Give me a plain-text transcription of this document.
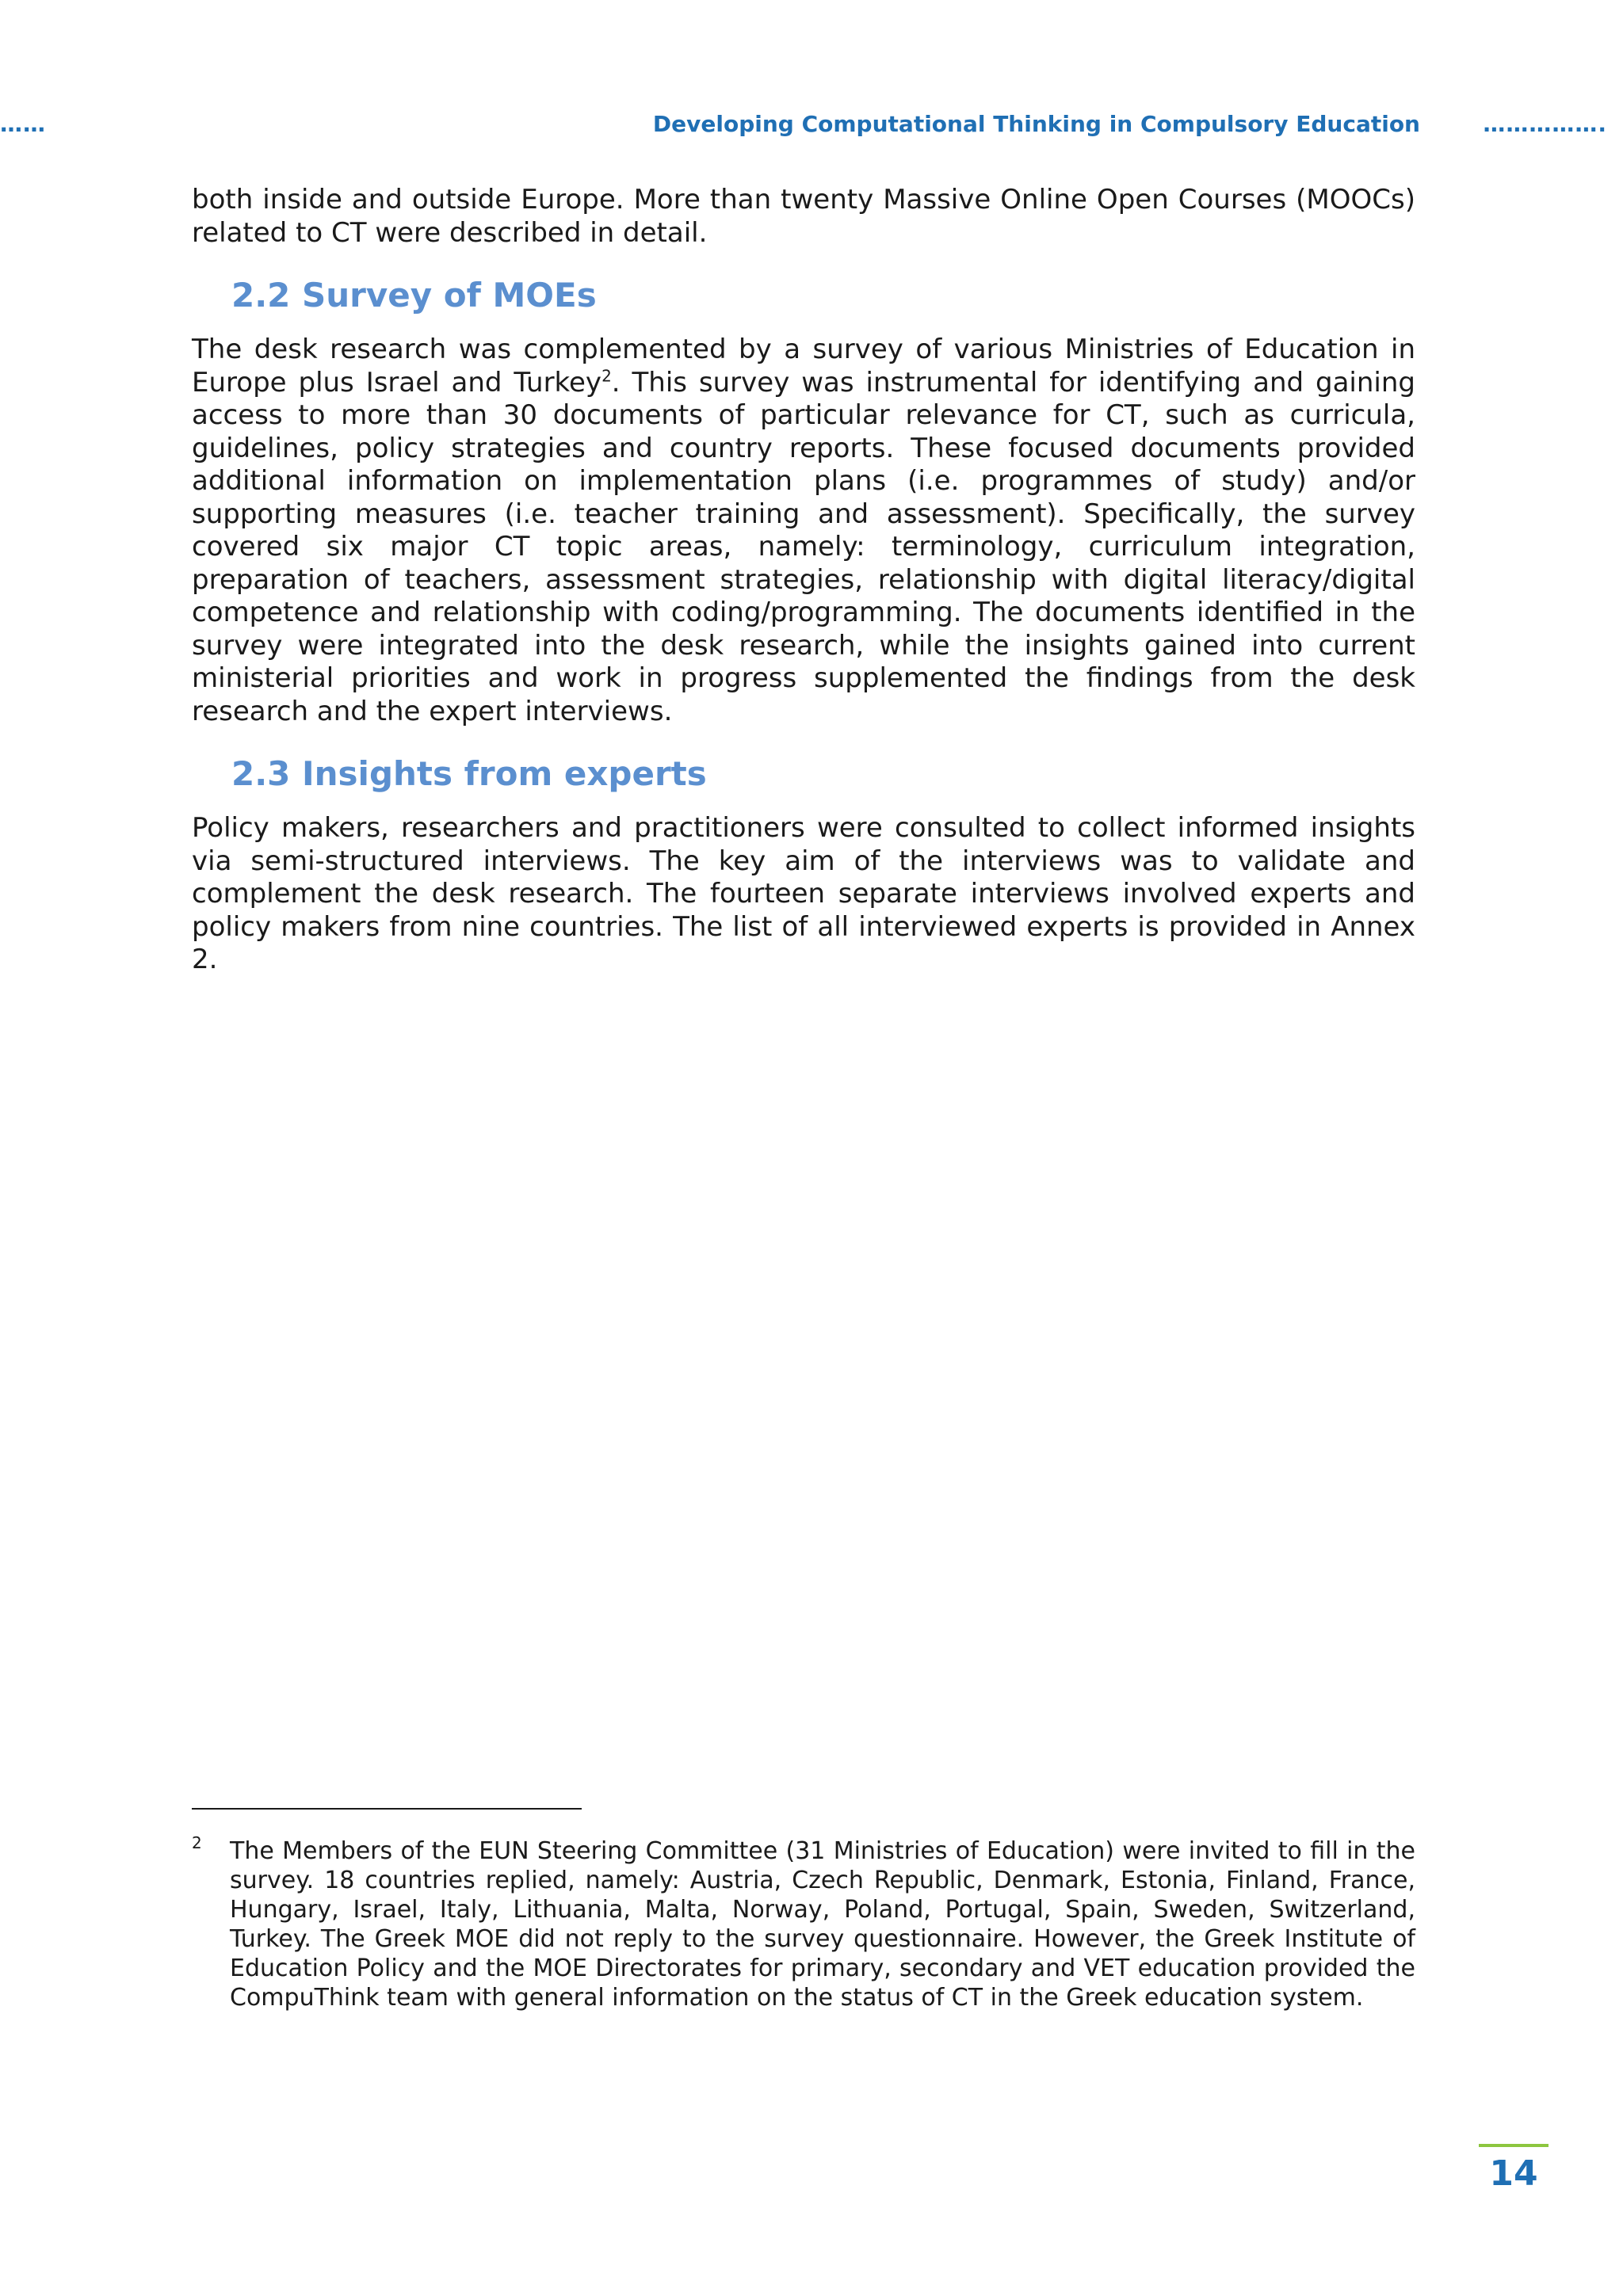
……	Developing Computational Thinking in Compulsory Education	…………….

both inside and outside Europe. More than twenty Massive Online Open Courses (MOOCs) related to CT were described in detail.

2.2 Survey of MOEs

The desk research was complemented by a survey of various Ministries of Education in Europe plus Israel and Turkey$^2$. This survey was instrumental for identifying and gaining access to more than 30 documents of particular relevance for CT, such as curricula, guidelines, policy strategies and country reports. These focused documents provided additional information on implementation plans (i.e. programmes of study) and/or supporting measures (i.e. teacher training and assessment). Specifically, the survey covered six major CT topic areas, namely: terminology, curriculum integration, preparation of teachers, assessment strategies, relationship with digital literacy/digital competence and relationship with coding/programming. The documents identified in the survey were integrated into the desk research, while the insights gained into current ministerial priorities and work in progress supplemented the findings from the desk research and the expert interviews.

2.3 Insights from experts

Policy makers, researchers and practitioners were consulted to collect informed insights via semi-structured interviews. The key aim of the interviews was to validate and complement the desk research. The fourteen separate interviews involved experts and policy makers from nine countries. The list of all interviewed experts is provided in Annex 2.

2 The Members of the EUN Steering Committee (31 Ministries of Education) were invited to fill in the survey. 18 countries replied, namely: Austria, Czech Republic, Denmark, Estonia, Finland, France, Hungary, Israel, Italy, Lithuania, Malta, Norway, Poland, Portugal, Spain, Sweden, Switzerland, Turkey. The Greek MOE did not reply to the survey questionnaire. However, the Greek Institute of Education Policy and the MOE Directorates for primary, secondary and VET education provided the CompuThink team with general information on the status of CT in the Greek education system.

14
